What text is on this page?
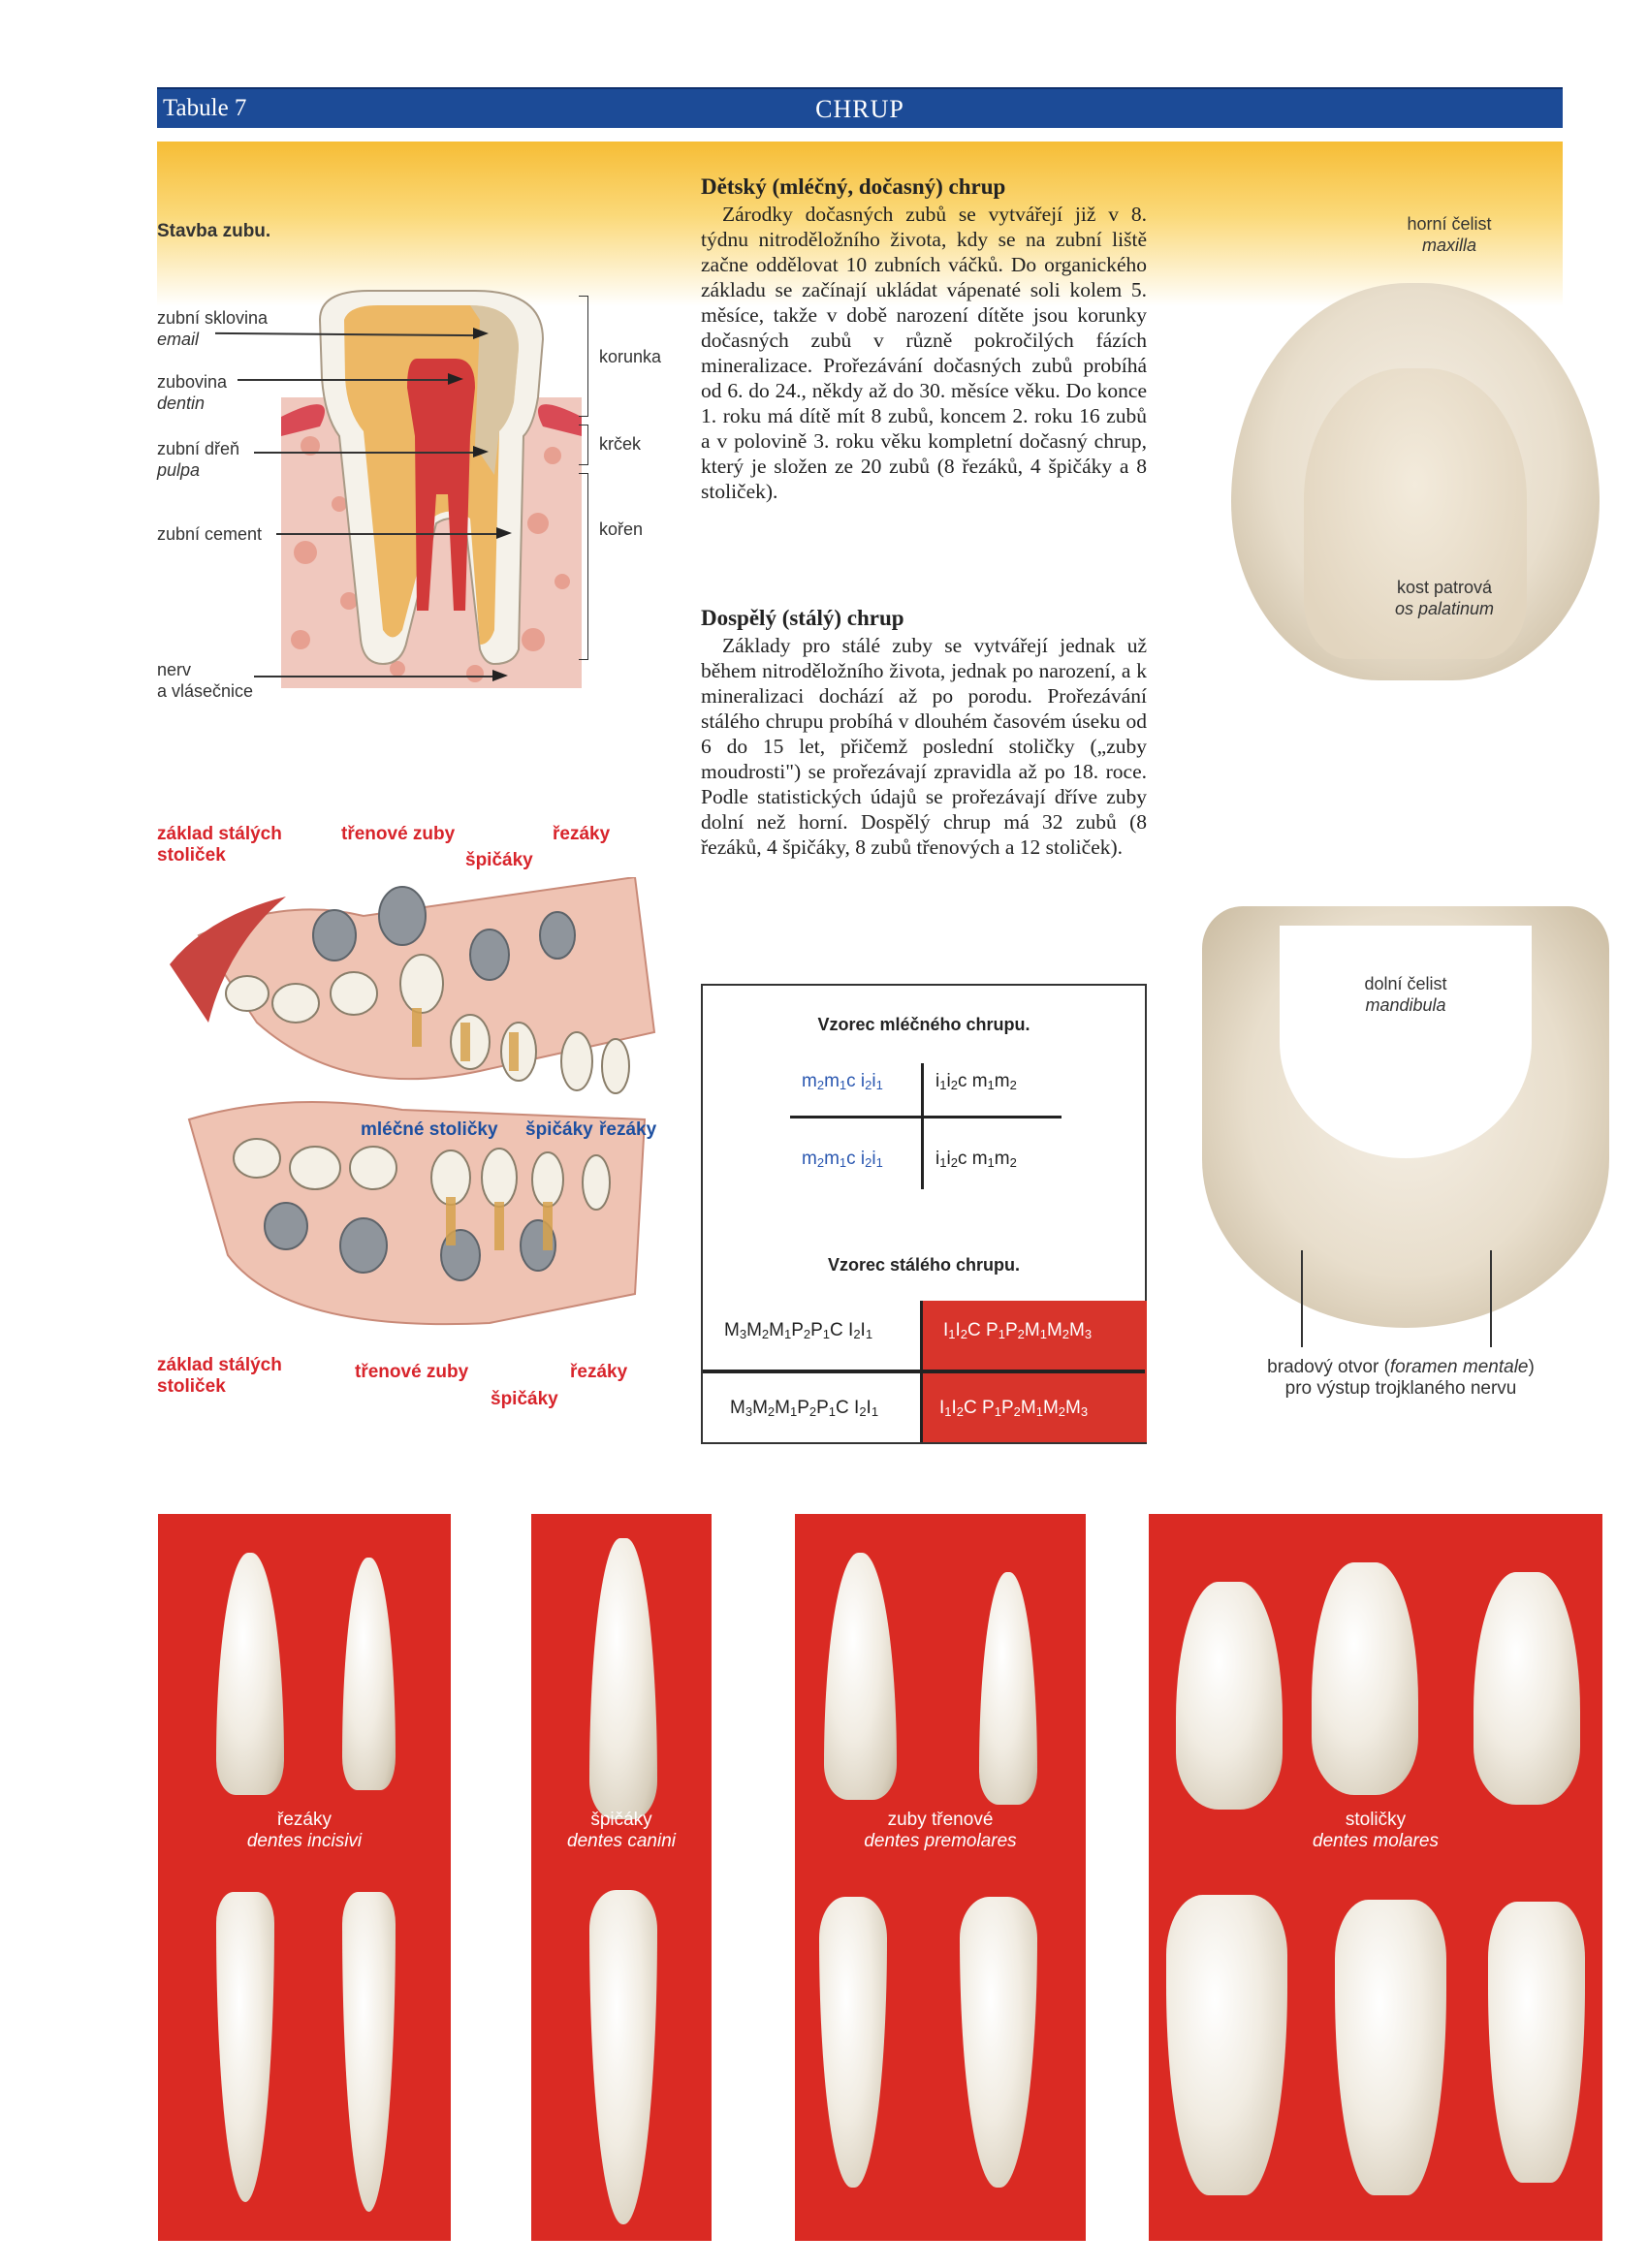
Tabule 7	CHRUP
Stavba zubu.
zubní sklovina
email
zubovina
dentin
zubní dřeň
pulpa
zubní cement
nerv
a vlásečnice
korunka
krček
kořen
základ stálých
stoliček
třenové zuby
špičáky
řezáky
mléčné stoličky špičáky řezáky
základ stálých
stoliček
třenové zuby
špičáky
řezáky
Dětský (mléčný, dočasný) chrup

Zárodky dočasných zubů se vytvářejí již v 8. týdnu nitroděložního života, kdy se na zubní liště začne oddělovat 10 zubních váčků. Do organického základu se začínají ukládat vápenaté soli kolem 5. měsíce, takže v době narození dítěte jsou korunky dočasných zubů v různě pokročilých fázích mineralizace. Prořezávání dočasných zubů probíhá od 6. do 24., někdy až do 30. měsíce věku. Do konce 1. roku má dítě mít 8 zubů, koncem 2. roku 16 zubů a v polovině 3. roku věku kompletní dočasný chrup, který je složen ze 20 zubů (8 řezáků, 4 špičáky a 8 stoliček).

Dospělý (stálý) chrup

Základy pro stálé zuby se vytvářejí jednak už během nitroděložního života, jednak po narození, a k mineralizaci dochází až po porodu. Prořezávání stálého chrupu probíhá v dlouhém časovém úseku od 6 do 15 let, přičemž poslední stoličky („zuby moudrosti") se prořezávají zpravidla až po 18. roce. Podle statistických údajů se prořezávají dříve zuby dolní než horní. Dospělý chrup má 32 zubů (8 řezáků, 4 špičáky, 8 zubů třenových a 12 stoliček).

Vzorec mléčného chrupu.
$m_2m_1c$ $i_2i_1$	$i_1i_2c$ $m_1m_2$
$m_2m_1c$ $i_2i_1$	$i_1i_2c$ $m_1m_2$
Vzorec stálého chrupu.
$M_3M_2M_1P_2P_1C$ $I_2I_1$	$I_1I_2C$ $P_1P_2M_1M_2M_3$
$M_3M_2M_1P_2P_1C$ $I_2I_1$	$I_1I_2C$ $P_1P_2M_1M_2M_3$
horní čelist
maxilla
kost patrová
os palatinum
dolní čelist
mandibula
bradový otvor (foramen mentale)
pro výstup trojklaného nervu
řezáky
dentes incisivi
špičáky
dentes canini
zuby třenové
dentes premolares
stoličky
dentes molares
